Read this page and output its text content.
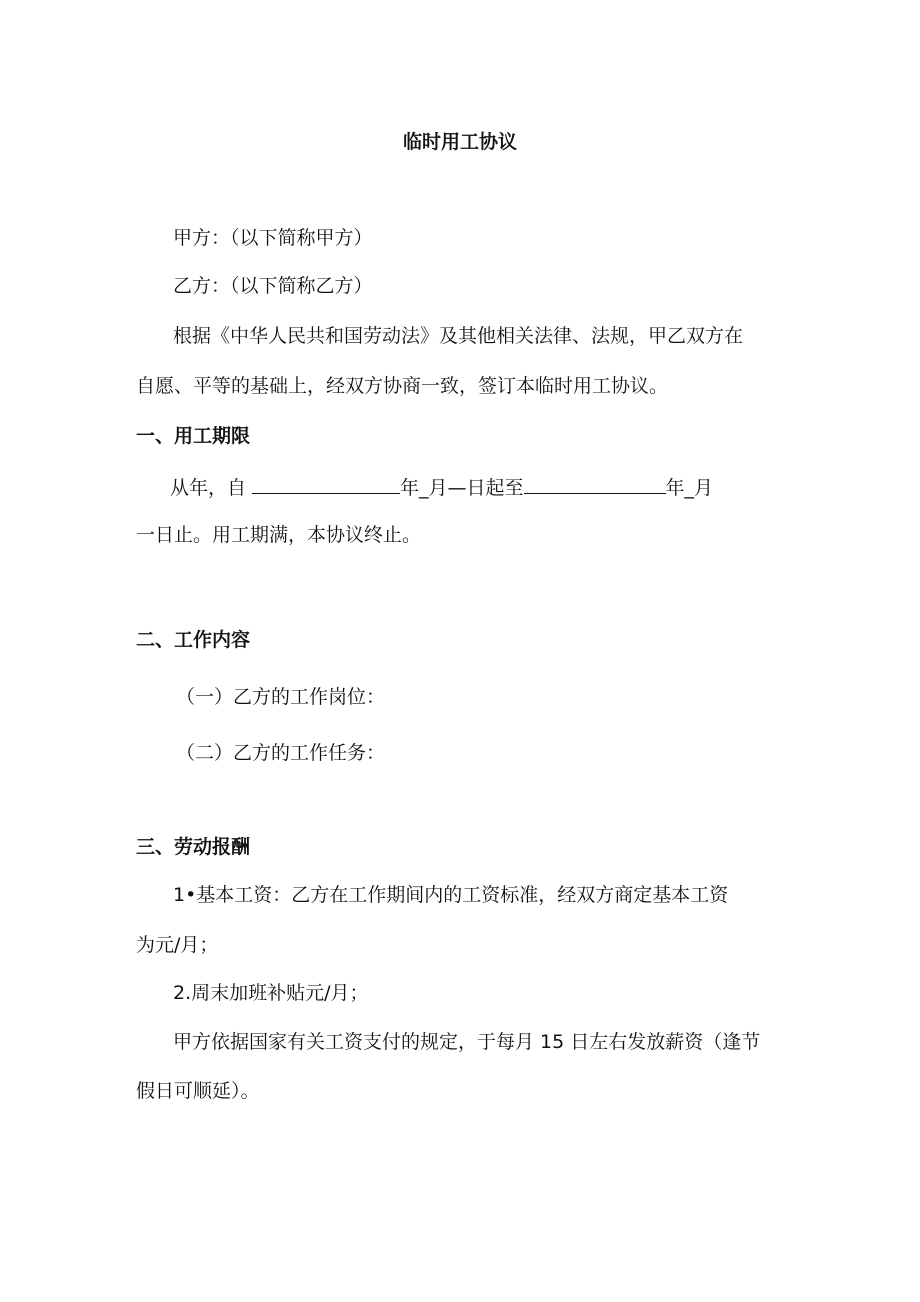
临时用工协议
甲方：（以下简称甲方）
乙方：（以下简称乙方）
根据《中华人民共和国劳动法》及其他相关法律、法规，甲乙双方在
自愿、平等的基础上，经双方协商一致，签订本临时用工协议。
一、用工期限
从年，自	年_月—日起至	年_月
一日止。用工期满，本协议终止。
二、工作内容
（一）乙方的工作岗位：
（二）乙方的工作任务：
三、劳动报酬
1•基本工资：乙方在工作期间内的工资标准，经双方商定基本工资
为元/月；
2.周末加班补贴元/月；
甲方依据国家有关工资支付的规定，于每月 15 日左右发放薪资（逢节
假日可顺延）。
